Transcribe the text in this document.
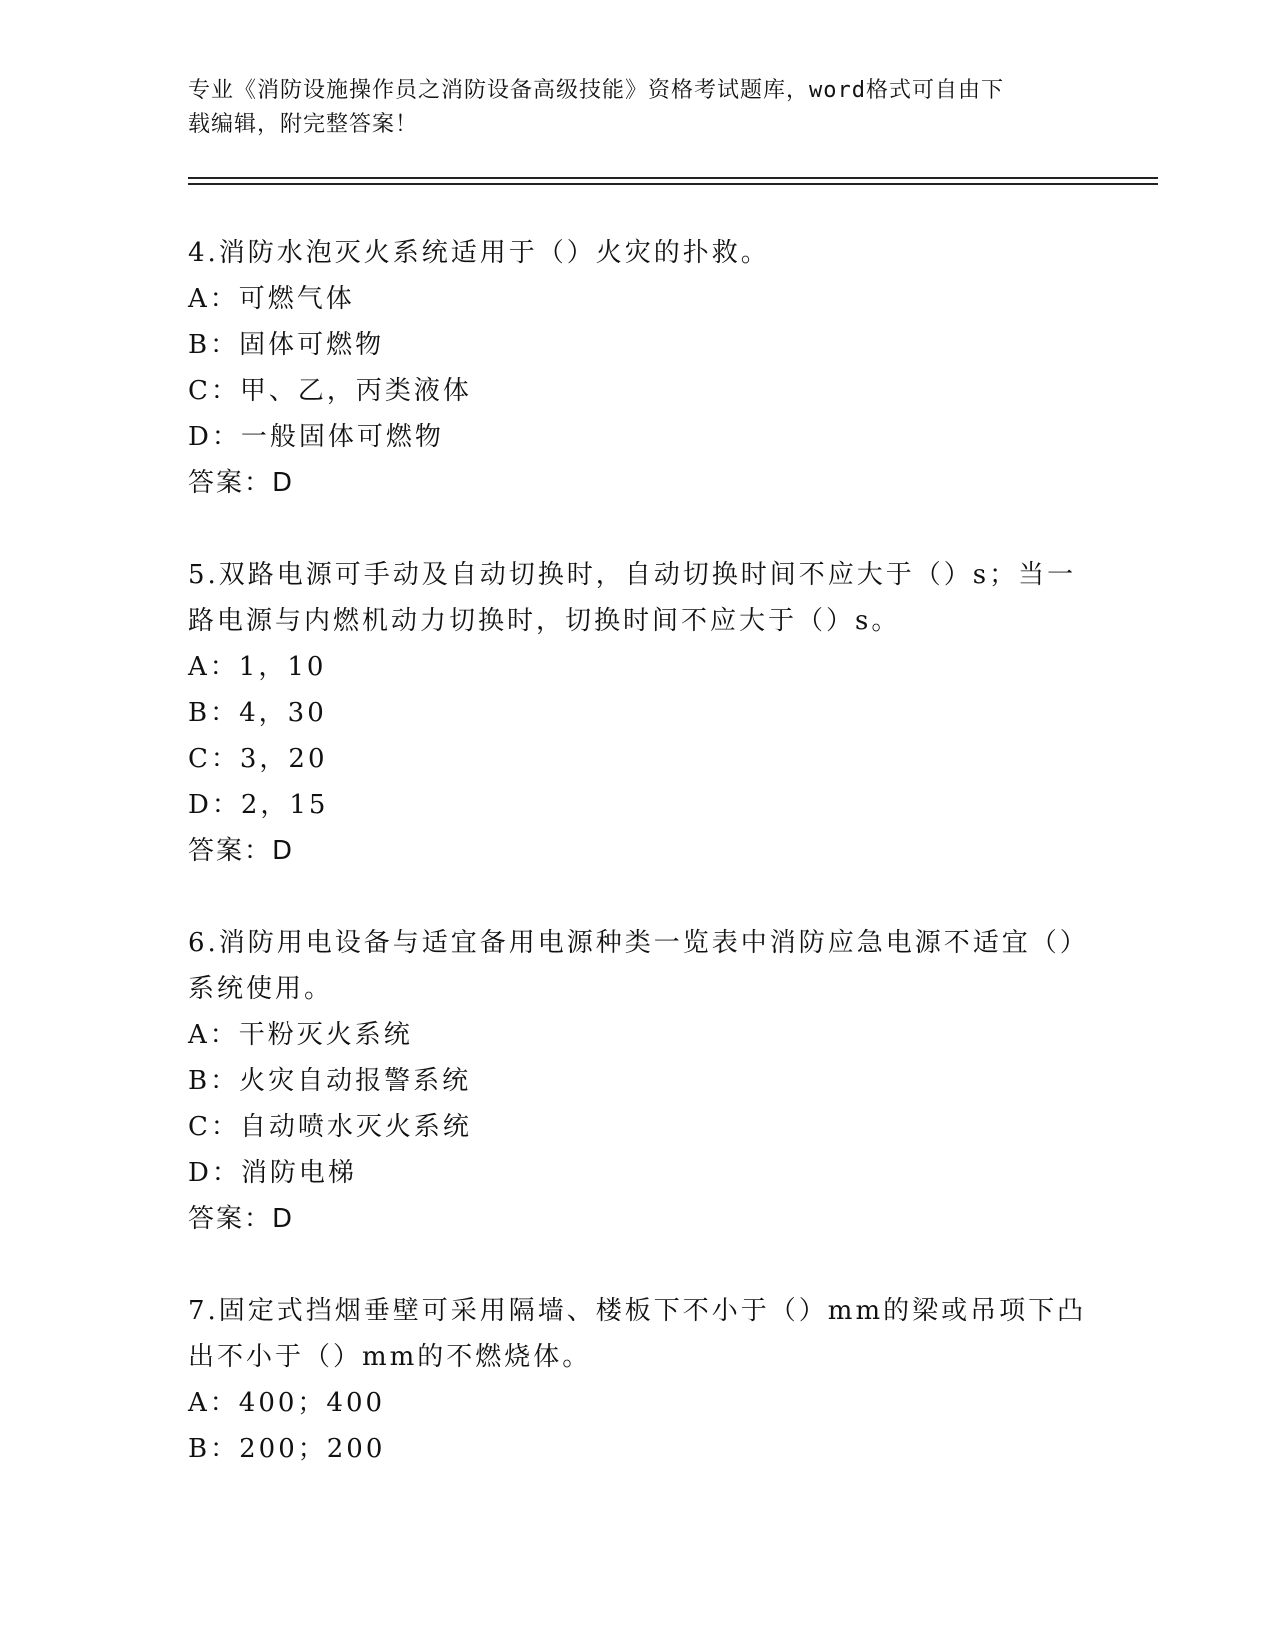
专业《消防设施操作员之消防设备高级技能》资格考试题库，word格式可自由下
载编辑，附完整答案！
4.消防水泡灭火系统适用于（）火灾的扑救。
A：可燃气体
B：固体可燃物
C：甲、乙，丙类液体
D：一般固体可燃物
答案：D
5.双路电源可手动及自动切换时，自动切换时间不应大于（）s；当一路电源与内燃机动力切换时，切换时间不应大于（）s。
A：1，10
B：4，30
C：3，20
D：2，15
答案：D
6.消防用电设备与适宜备用电源种类一览表中消防应急电源不适宜（）系统使用。
A：干粉灭火系统
B：火灾自动报警系统
C：自动喷水灭火系统
D：消防电梯
答案：D
7.固定式挡烟垂壁可采用隔墙、楼板下不小于（）mm的梁或吊项下凸出不小于（）mm的不燃烧体。
A：400；400
B：200；200
